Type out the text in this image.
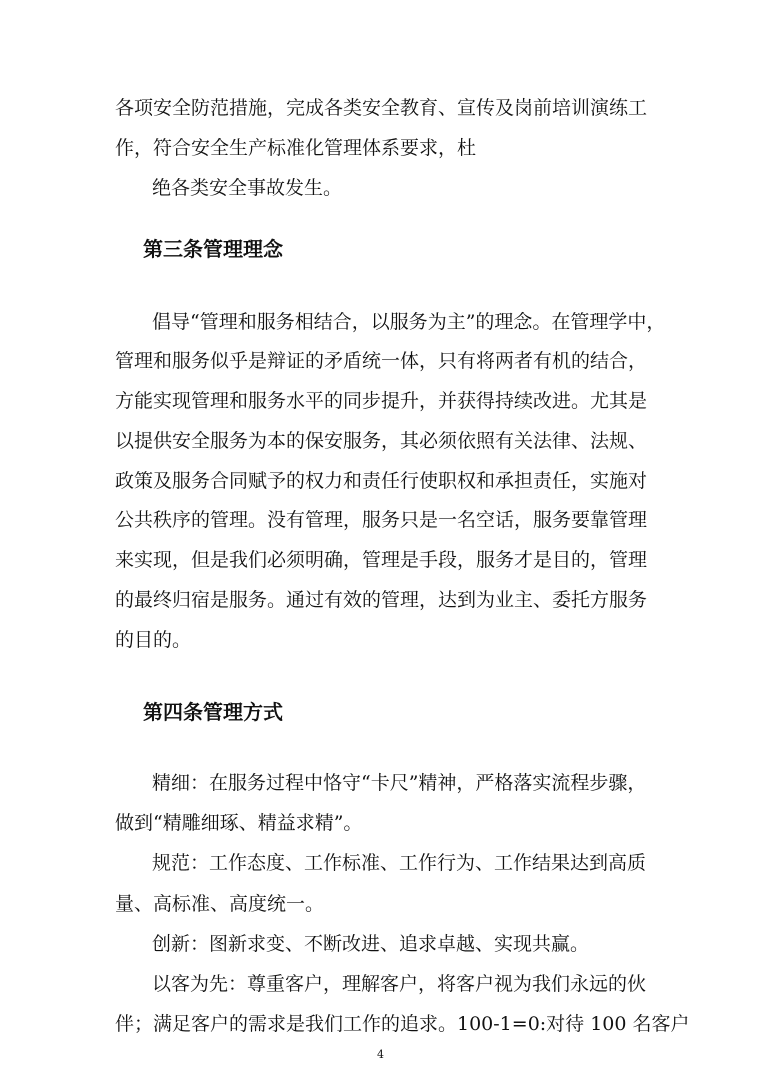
各项安全防范措施，完成各类安全教育、宣传及岗前培训演练工
作，符合安全生产标准化管理体系要求，杜
绝各类安全事故发生。
第三条管理理念
倡导“管理和服务相结合，以服务为主”的理念。在管理学中，
管理和服务似乎是辩证的矛盾统一体，只有将两者有机的结合，
方能实现管理和服务水平的同步提升，并获得持续改进。尤其是
以提供安全服务为本的保安服务，其必须依照有关法律、法规、
政策及服务合同赋予的权力和责任行使职权和承担责任，实施对
公共秩序的管理。没有管理，服务只是一名空话，服务要靠管理
来实现，但是我们必须明确，管理是手段，服务才是目的，管理
的最终归宿是服务。通过有效的管理，达到为业主、委托方服务
的目的。
第四条管理方式
精细：在服务过程中恪守“卡尺”精神，严格落实流程步骤，
做到“精雕细琢、精益求精”。
规范：工作态度、工作标准、工作行为、工作结果达到高质
量、高标准、高度统一。
创新：图新求变、不断改进、追求卓越、实现共赢。
以客为先：尊重客户，理解客户，将客户视为我们永远的伙
伴；满足客户的需求是我们工作的追求。100-1=0:对待 100 名客户
4
